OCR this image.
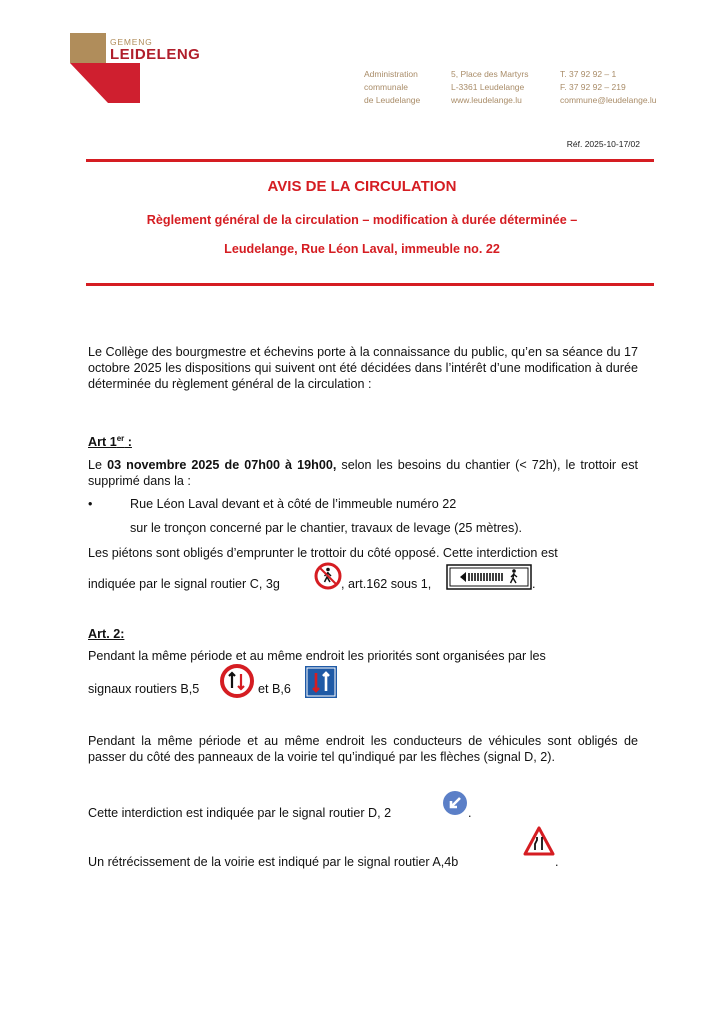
GEMENG
LEIDELENG
Administration
communale
de Leudelange
5, Place des Martyrs
L-3361 Leudelange
www.leudelange.lu
T. 37 92 92 – 1
F. 37 92 92 – 219
commune@leudelange.lu
Réf. 2025-10-17/02
AVIS DE LA CIRCULATION
Règlement général de la circulation – modification à durée déterminée –
Leudelange, Rue Léon Laval, immeuble no. 22
Le Collège des bourgmestre et échevins porte à la connaissance du public, qu’en sa séance du 17 octobre 2025 les dispositions qui suivent ont été décidées dans l’intérêt d’une modification à durée déterminée du règlement général de la circulation :
Art 1er :
Le 03 novembre 2025 de 07h00 à 19h00, selon les besoins du chantier (< 72h), le trottoir est supprimé dans la :
•	Rue Léon Laval devant et à côté de l’immeuble numéro 22
sur le tronçon concerné par le chantier, travaux de levage (25 mètres).
Les piétons sont obligés d’emprunter le trottoir du côté opposé. Cette interdiction est
indiquée par le signal routier C, 3g	, art.162 sous 1,	.
Art. 2:
Pendant la même période et au même endroit les priorités sont organisées par les
signaux routiers B,5	et B,6
Pendant la même période et au même endroit les conducteurs de véhicules sont obligés de passer du côté des panneaux de la voirie tel qu’indiqué par les flèches (signal D, 2).
Cette interdiction est indiquée par le signal routier D, 2	.
Un rétrécissement de la voirie est indiqué par le signal routier A,4b	.
